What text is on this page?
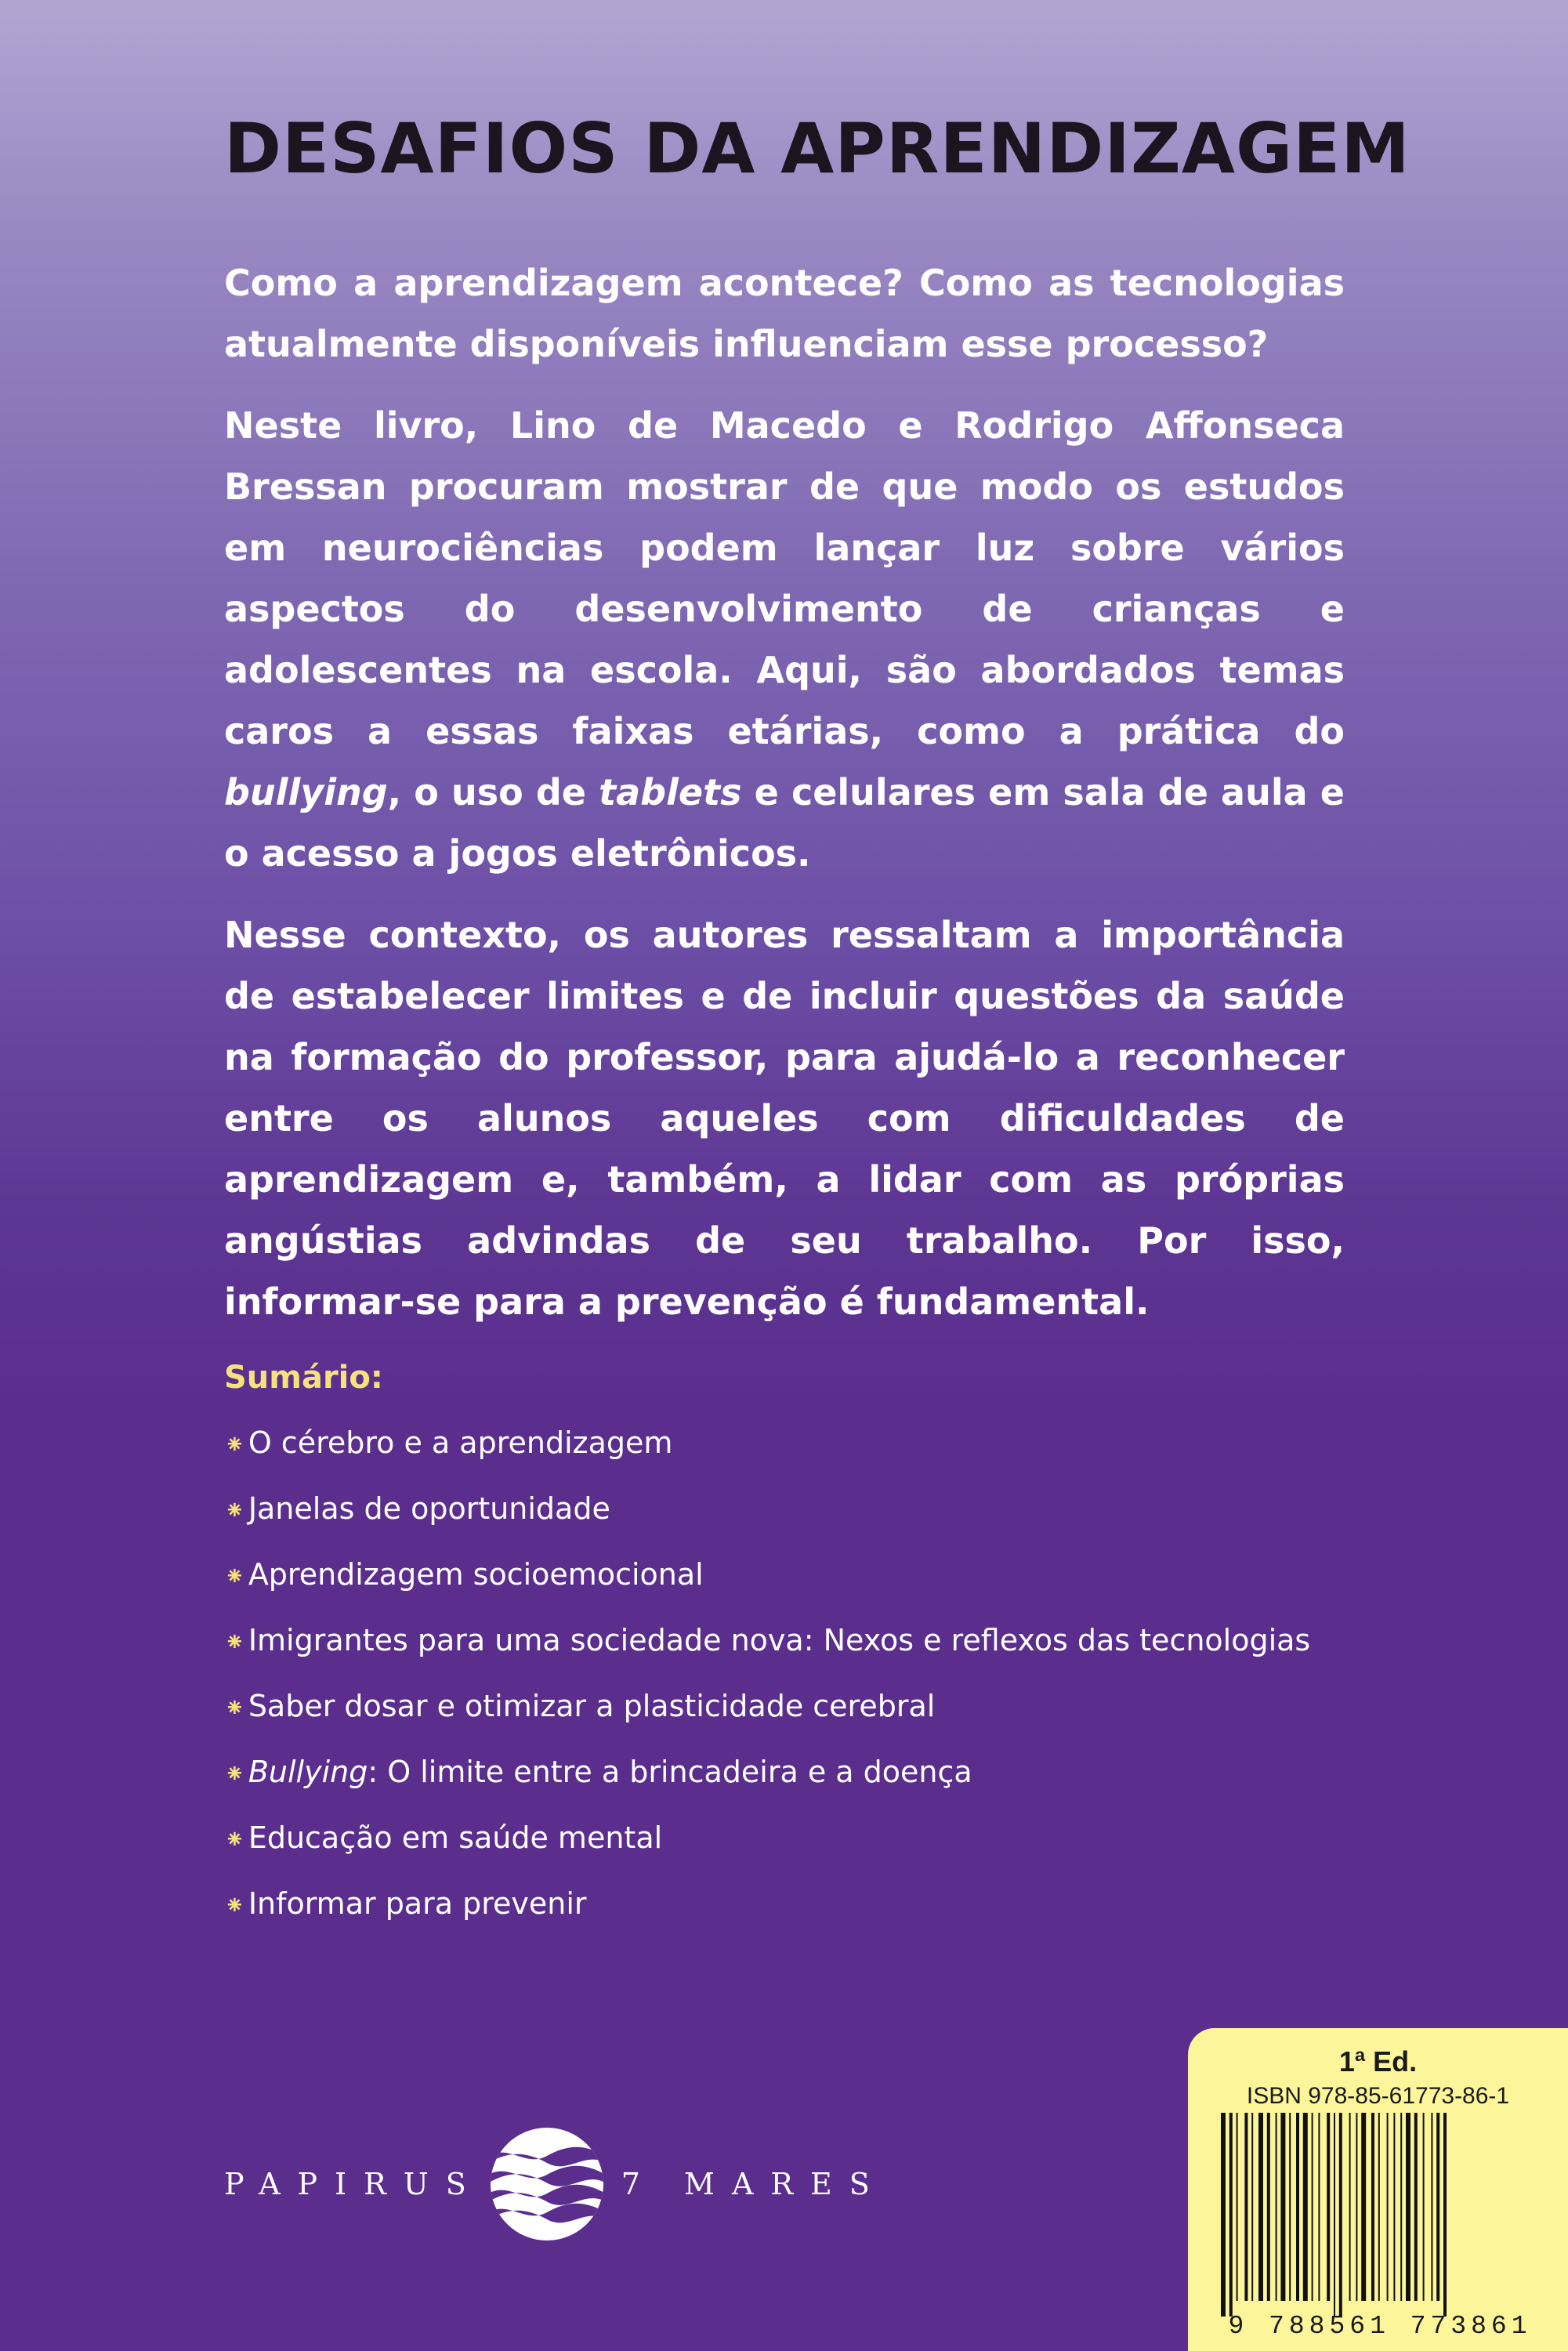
DESAFIOS DA APRENDIZAGEM

Como a aprendizagem acontece? Como as tecnologias atualmente disponíveis influenciam esse processo?

Neste livro, Lino de Macedo e Rodrigo Affonseca Bressan procuram mostrar de que modo os estudos em neurociências podem lançar luz sobre vários aspectos do desenvolvimento de crianças e adolescentes na escola. Aqui, são abordados temas caros a essas faixas etárias, como a prática do bullying, o uso de tablets e celulares em sala de aula e o acesso a jogos eletrônicos.

Nesse contexto, os autores ressaltam a importância de estabelecer limites e de incluir questões da saúde na formação do professor, para ajudá-lo a reconhecer entre os alunos aqueles com dificuldades de aprendizagem e, também, a lidar com as próprias angústias advindas de seu trabalho. Por isso, informar-se para a prevenção é fundamental.

Sumário:
⁕ O cérebro e a aprendizagem
⁕ Janelas de oportunidade
⁕ Aprendizagem socioemocional
⁕ Imigrantes para uma sociedade nova: Nexos e reflexos das tecnologias
⁕ Saber dosar e otimizar a plasticidade cerebral
⁕ Bullying: O limite entre a brincadeira e a doença
⁕ Educação em saúde mental
⁕ Informar para prevenir
PAPIRUS	7 MARES
1ª Ed.
ISBN 978-85-61773-86-1
9 788561 773861
